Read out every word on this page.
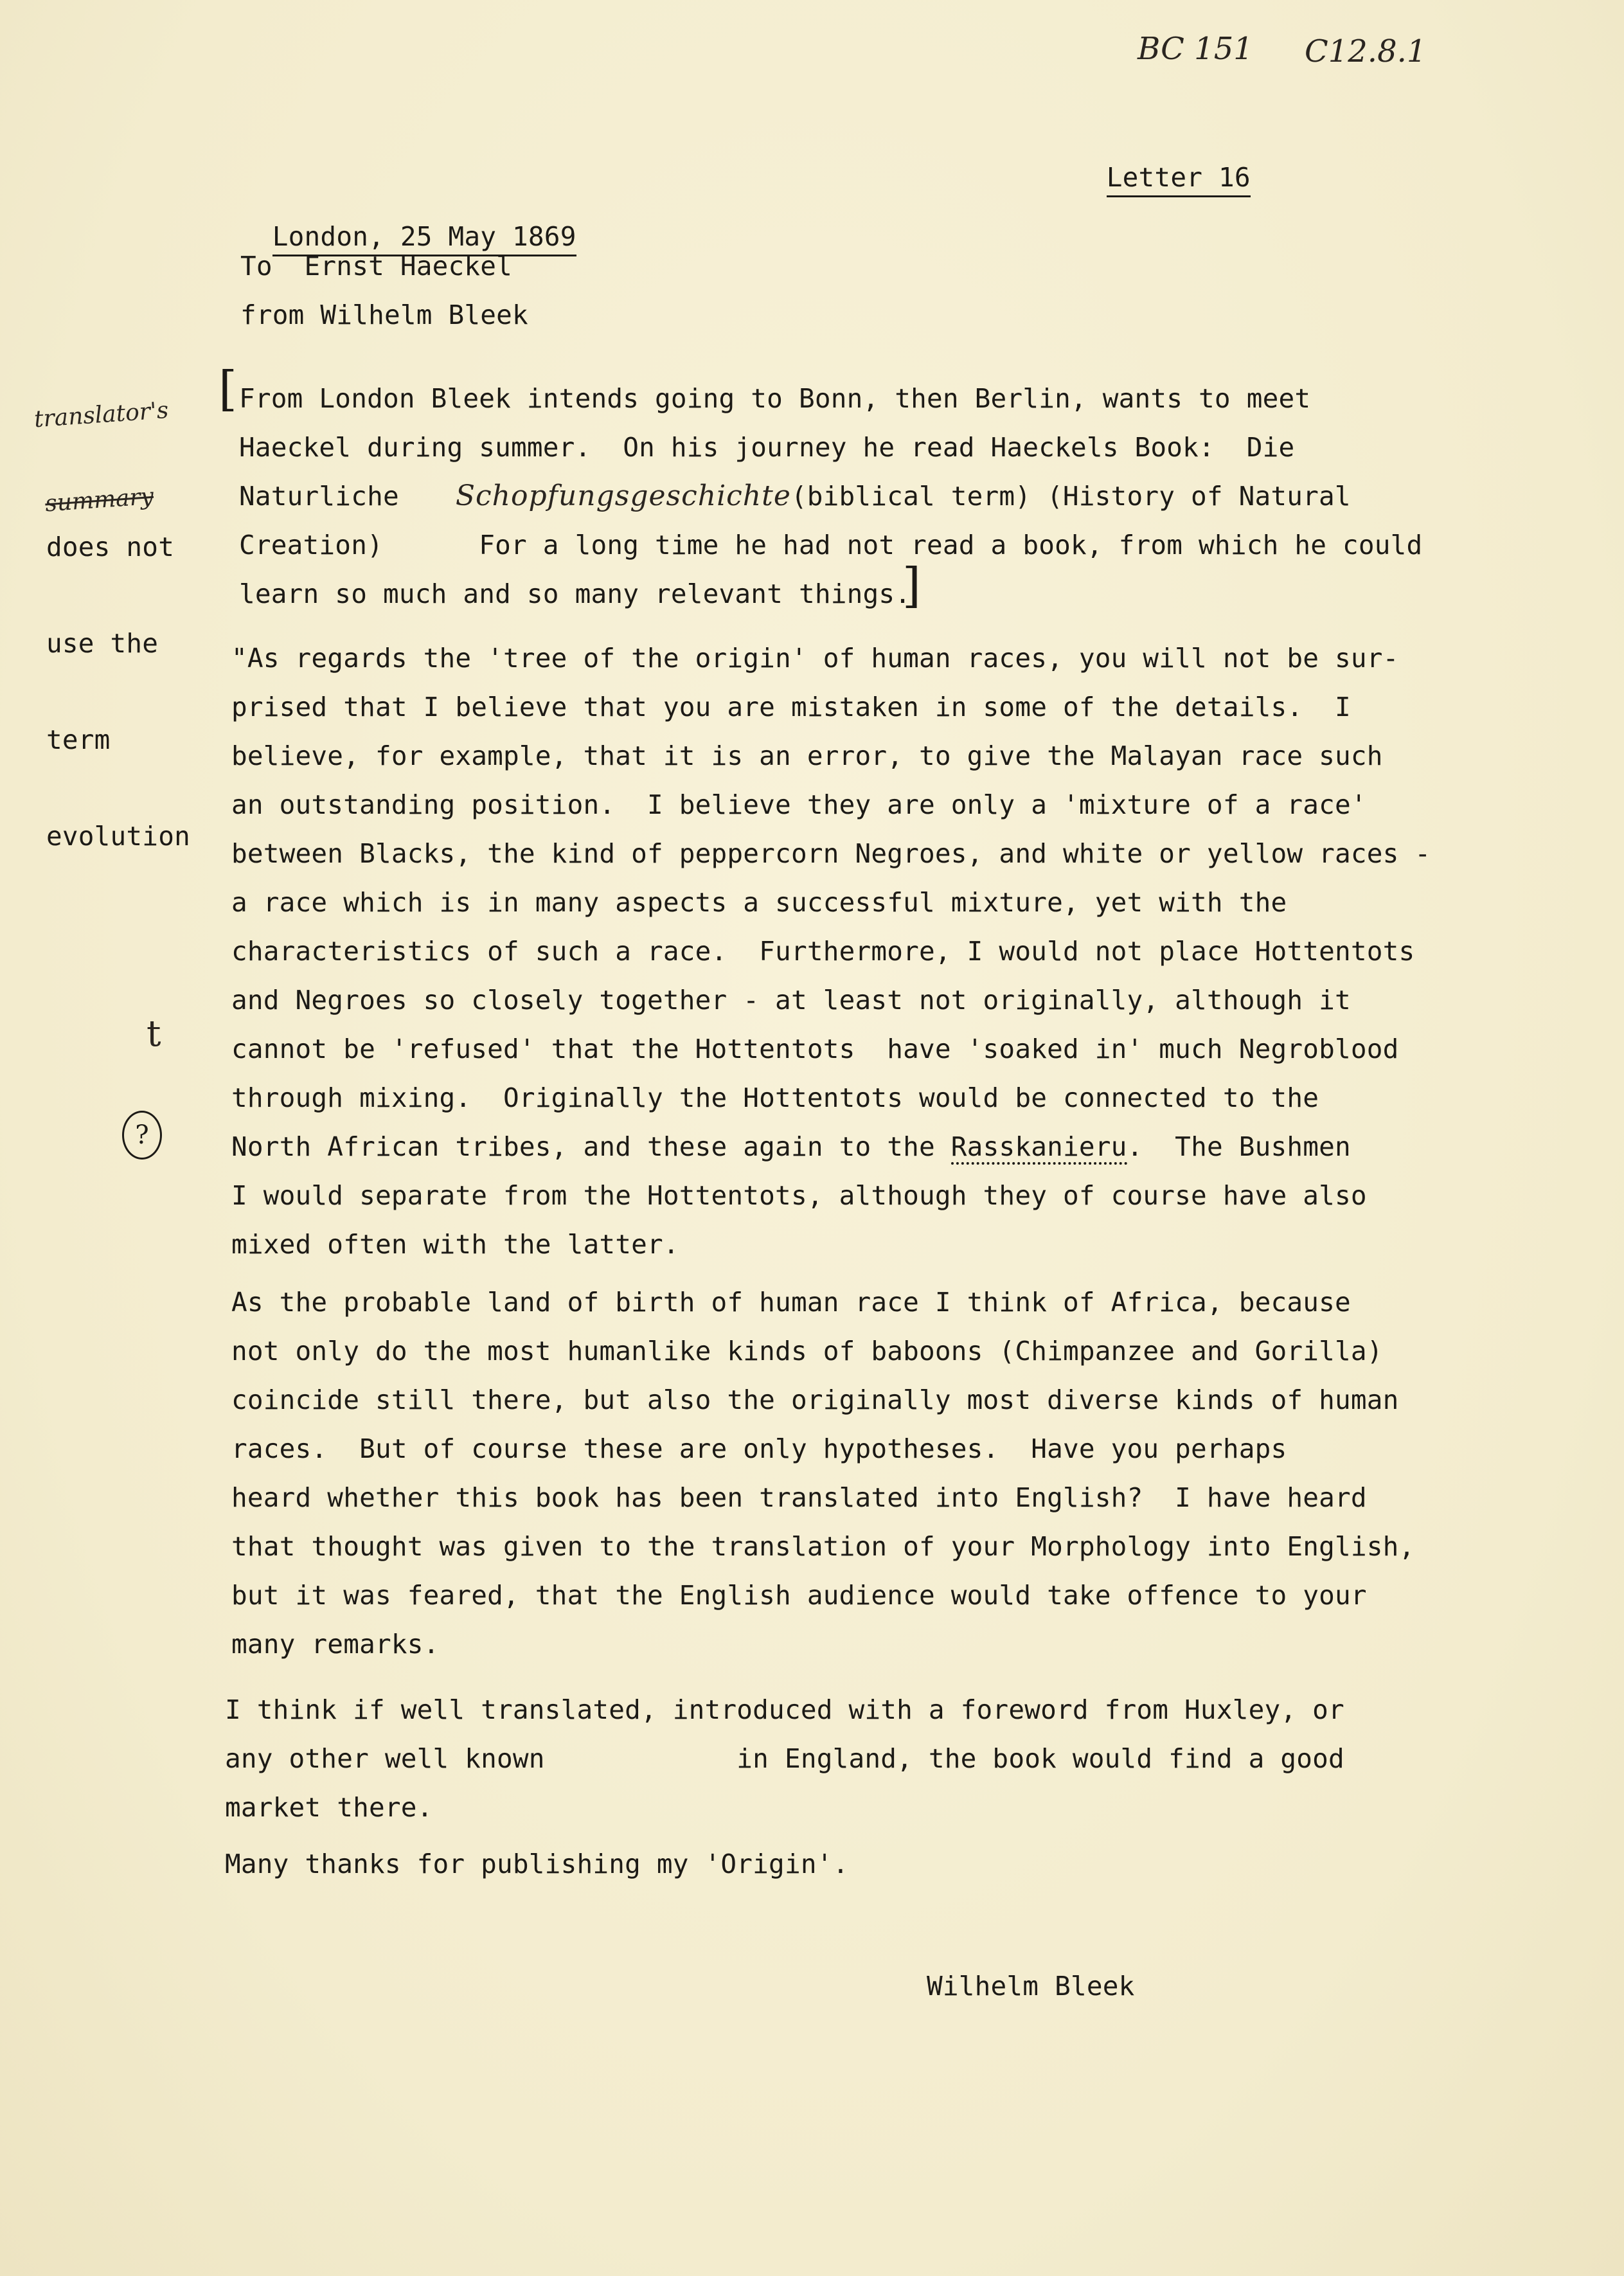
BC 151 C12.8.1

Letter 16

London, 25 May 1869

To  Ernst Haeckel
from Wilhelm Bleek

translator's

summary

does not

use the

term

evolution

t
?
[ From London Bleek intends going to Bonn, then Berlin, wants to meet
Haeckel during summer.  On his journey he read Haeckels Book:  Die
Naturliche Schopfungsgeschichte(biblical term) (History of Natural
Creation)      For a long time he had not read a book, from which he could
learn so much and so many relevant things.
]
"As regards the 'tree of the origin' of human races, you will not be sur-
prised that I believe that you are mistaken in some of the details.  I
believe, for example, that it is an error, to give the Malayan race such
an outstanding position.  I believe they are only a 'mixture of a race'
between Blacks, the kind of peppercorn Negroes, and white or yellow races -
a race which is in many aspects a successful mixture, yet with the
characteristics of such a race.  Furthermore, I would not place Hottentots
and Negroes so closely together - at least not originally, although it
cannot be 'refused' that the Hottentots  have 'soaked in' much Negroblood
through mixing.  Originally the Hottentots would be connected to the
North African tribes, and these again to the Rasskanieru.  The Bushmen
I would separate from the Hottentots, although they of course have also
mixed often with the latter.
As the probable land of birth of human race I think of Africa, because
not only do the most humanlike kinds of baboons (Chimpanzee and Gorilla)
coincide still there, but also the originally most diverse kinds of human
races.  But of course these are only hypotheses.  Have you perhaps
heard whether this book has been translated into English?  I have heard
that thought was given to the translation of your Morphology into English,
but it was feared, that the English audience would take offence to your
many remarks.
I think if well translated, introduced with a foreword from Huxley, or
any other well known            in England, the book would find a good
market there.
Many thanks for publishing my 'Origin'.
Wilhelm Bleek
